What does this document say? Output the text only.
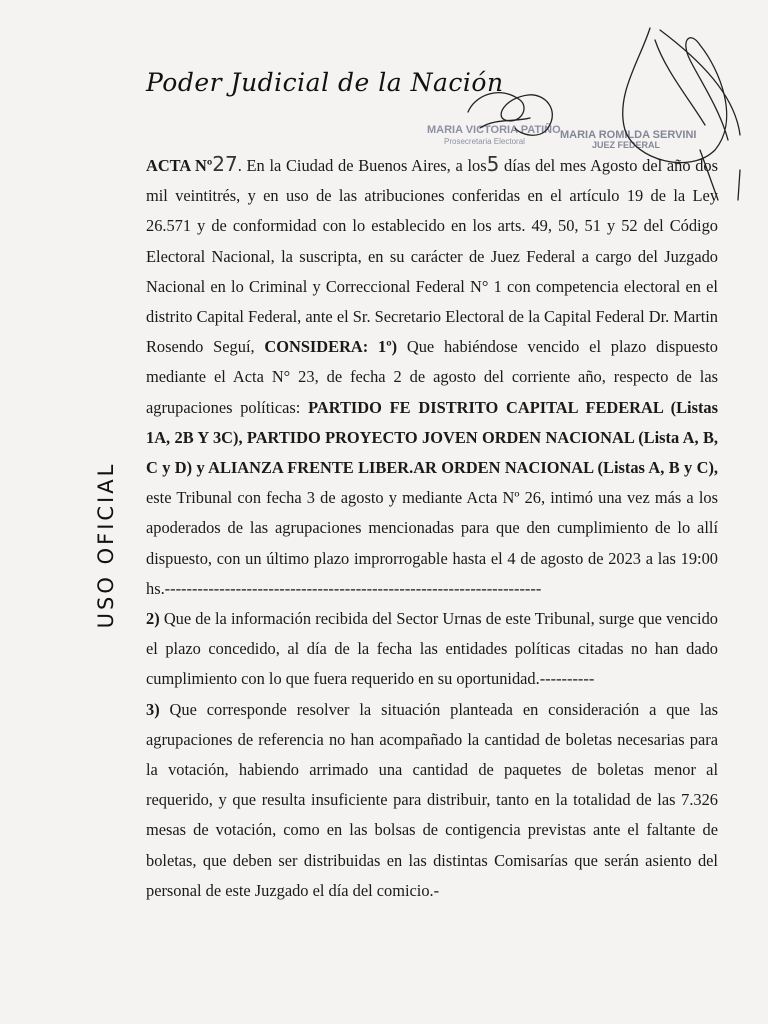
Poder Judicial de la Nación
USO OFICIAL
MARIA VICTORIA PATIÑO
Prosecretaria Electoral
MARIA ROMILDA SERVINI
JUEZ FEDERAL

ACTA Nº27. En la Ciudad de Buenos Aires, a los5 días del mes Agosto del año dos mil veintitrés, y en uso de las atribuciones conferidas en el artículo 19 de la Ley 26.571 y de conformidad con lo establecido en los arts. 49, 50, 51 y 52 del Código Electoral Nacional, la suscripta, en su carácter de Juez Federal a cargo del Juzgado Nacional en lo Criminal y Correccional Federal N° 1 con competencia electoral en el distrito Capital Federal, ante el Sr. Secretario Electoral de la Capital Federal Dr. Martin Rosendo Seguí, CONSIDERA: 1º) Que habiéndose vencido el plazo dispuesto mediante el Acta N° 23, de fecha 2 de agosto del corriente año, respecto de las agrupaciones políticas: PARTIDO FE DISTRITO CAPITAL FEDERAL (Listas 1A, 2B Y 3C), PARTIDO PROYECTO JOVEN ORDEN NACIONAL (Lista A, B, C y D) y ALIANZA FRENTE LIBER.AR ORDEN NACIONAL (Listas A, B y C), este Tribunal con fecha 3 de agosto y mediante Acta Nº 26, intimó una vez más a los apoderados de las agrupaciones mencionadas para que den cumplimiento de lo allí dispuesto, con un último plazo improrrogable hasta el 4 de agosto de 2023 a las 19:00 hs.---------------------------------------------------------------------

2) Que de la información recibida del Sector Urnas de este Tribunal, surge que vencido el plazo concedido, al día de la fecha las entidades políticas citadas no han dado cumplimiento con lo que fuera requerido en su oportunidad.----------

3) Que corresponde resolver la situación planteada en consideración a que las agrupaciones de referencia no han acompañado la cantidad de boletas necesarias para la votación, habiendo arrimado una cantidad de paquetes de boletas menor al requerido, y que resulta insuficiente para distribuir, tanto en la totalidad de las 7.326 mesas de votación, como en las bolsas de contigencia previstas ante el faltante de boletas, que deben ser distribuidas en las distintas Comisarías que serán asiento del personal de este Juzgado el día del comicio.-
